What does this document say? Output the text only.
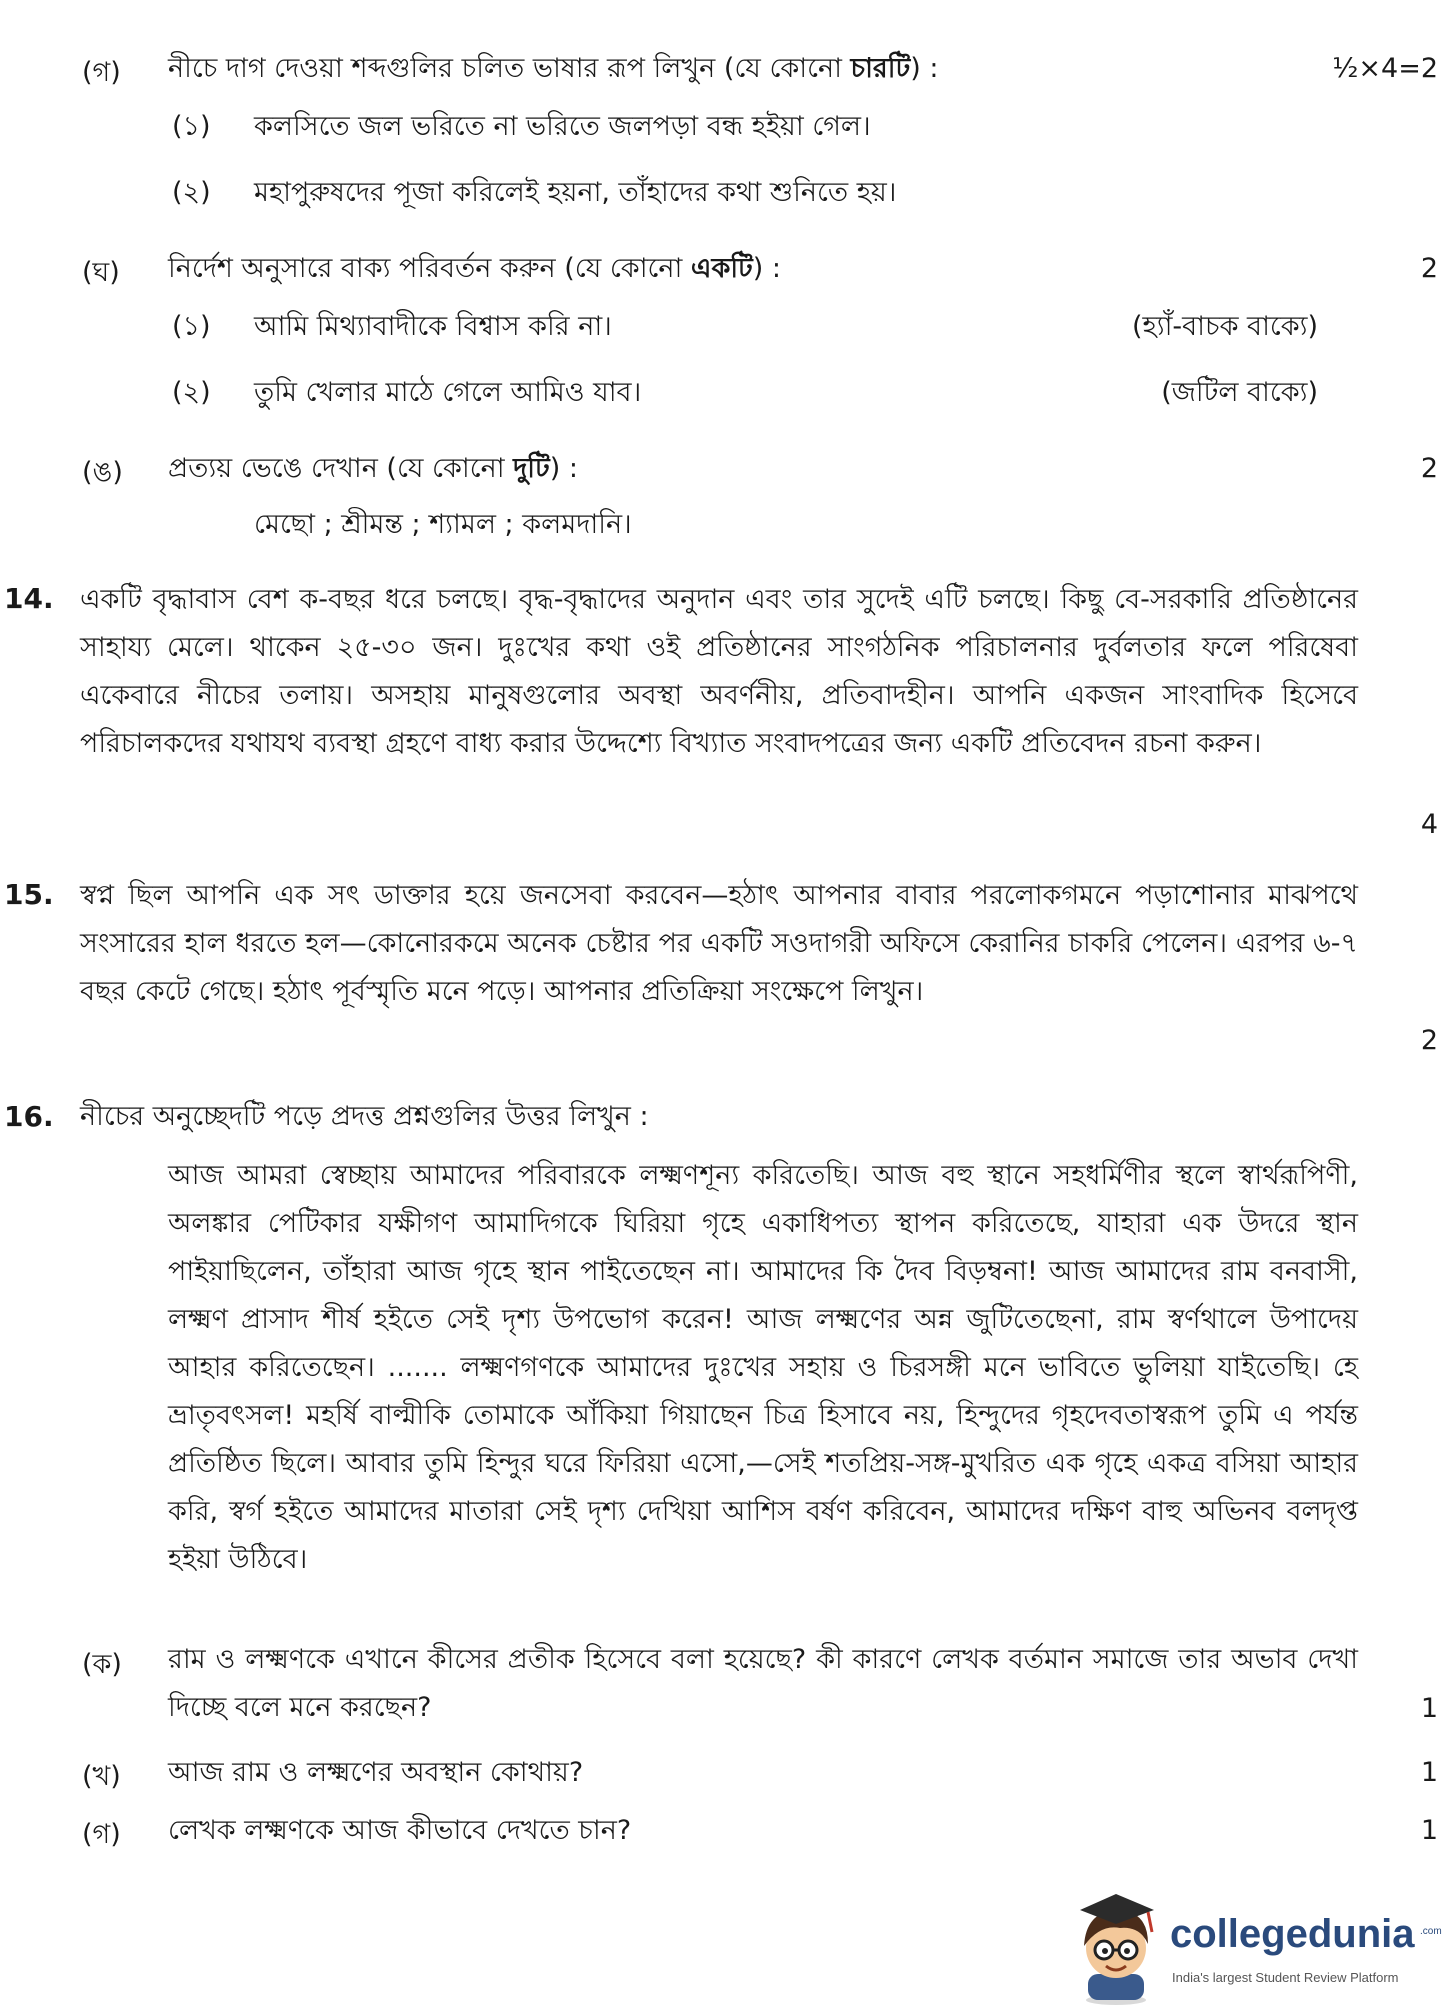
(গ) নীচে দাগ দেওয়া শব্দগুলির চলিত ভাষার রূপ লিখুন (যে কোনো চারটি) :	½×4=2
(১) কলসিতে জল ভরিতে না ভরিতে জলপড়া বন্ধ হইয়া গেল।
(২) মহাপুরুষদের পূজা করিলেই হয়না, তাঁহাদের কথা শুনিতে হয়।
(ঘ) নির্দেশ অনুসারে বাক্য পরিবর্তন করুন (যে কোনো একটি) :	2
(১) আমি মিথ্যাবাদীকে বিশ্বাস করি না।	(হ্যাঁ-বাচক বাক্যে)
(২) তুমি খেলার মাঠে গেলে আমিও যাব।	(জটিল বাক্যে)
(ঙ) প্রত্যয় ভেঙে দেখান (যে কোনো দুটি) :	2
মেছো ; শ্রীমন্ত ; শ্যামল ; কলমদানি।
14. একটি বৃদ্ধাবাস বেশ ক-বছর ধরে চলছে। বৃদ্ধ-বৃদ্ধাদের অনুদান এবং তার সুদেই এটি চলছে। কিছু বে-সরকারি প্রতিষ্ঠানের সাহায্য মেলে। থাকেন ২৫-৩০ জন। দুঃখের কথা ওই প্রতিষ্ঠানের সাংগঠনিক পরিচালনার দুর্বলতার ফলে পরিষেবা একেবারে নীচের তলায়। অসহায় মানুষগুলোর অবস্থা অবর্ণনীয়, প্রতিবাদহীন। আপনি একজন সাংবাদিক হিসেবে পরিচালকদের যথাযথ ব্যবস্থা গ্রহণে বাধ্য করার উদ্দেশ্যে বিখ্যাত সংবাদপত্রের জন্য একটি প্রতিবেদন রচনা করুন।
4
15. স্বপ্ন ছিল আপনি এক সৎ ডাক্তার হয়ে জনসেবা করবেন—হঠাৎ আপনার বাবার পরলোকগমনে পড়াশোনার মাঝপথে সংসারের হাল ধরতে হল—কোনোরকমে অনেক চেষ্টার পর একটি সওদাগরী অফিসে কেরানির চাকরি পেলেন। এরপর ৬-৭ বছর কেটে গেছে। হঠাৎ পূর্বস্মৃতি মনে পড়ে। আপনার প্রতিক্রিয়া সংক্ষেপে লিখুন।
2
16. নীচের অনুচ্ছেদটি পড়ে প্রদত্ত প্রশ্নগুলির উত্তর লিখুন :
আজ আমরা স্বেচ্ছায় আমাদের পরিবারকে লক্ষ্মণশূন্য করিতেছি। আজ বহু স্থানে সহধর্মিণীর স্থলে স্বার্থরূপিণী, অলঙ্কার পেটিকার যক্ষীগণ আমাদিগকে ঘিরিয়া গৃহে একাধিপত্য স্থাপন করিতেছে, যাহারা এক উদরে স্থান পাইয়াছিলেন, তাঁহারা আজ গৃহে স্থান পাইতেছেন না। আমাদের কি দৈব বিড়ম্বনা! আজ আমাদের রাম বনবাসী, লক্ষ্মণ প্রাসাদ শীর্ষ হইতে সেই দৃশ্য উপভোগ করেন! আজ লক্ষ্মণের অন্ন জুটিতেছেনা, রাম স্বর্ণথালে উপাদেয় আহার করিতেছেন। ....... লক্ষ্মণগণকে আমাদের দুঃখের সহায় ও চিরসঙ্গী মনে ভাবিতে ভুলিয়া যাইতেছি। হে ভ্রাতৃবৎসল! মহর্ষি বাল্মীকি তোমাকে আঁকিয়া গিয়াছেন চিত্র হিসাবে নয়, হিন্দুদের গৃহদেবতাস্বরূপ তুমি এ পর্যন্ত প্রতিষ্ঠিত ছিলে। আবার তুমি হিন্দুর ঘরে ফিরিয়া এসো,—সেই শতপ্রিয়-সঙ্গ-মুখরিত এক গৃহে একত্র বসিয়া আহার করি, স্বর্গ হইতে আমাদের মাতারা সেই দৃশ্য দেখিয়া আশিস বর্ষণ করিবেন, আমাদের দক্ষিণ বাহু অভিনব বলদৃপ্ত হইয়া উঠিবে।
(ক) রাম ও লক্ষ্মণকে এখানে কীসের প্রতীক হিসেবে বলা হয়েছে? কী কারণে লেখক বর্তমান সমাজে তার অভাব দেখা দিচ্ছে বলে মনে করছেন?	1
(খ) আজ রাম ও লক্ষ্মণের অবস্থান কোথায়?	1
(গ) লেখক লক্ষ্মণকে আজ কীভাবে দেখতে চান?	1
collegedunia .com
India's largest Student Review Platform
